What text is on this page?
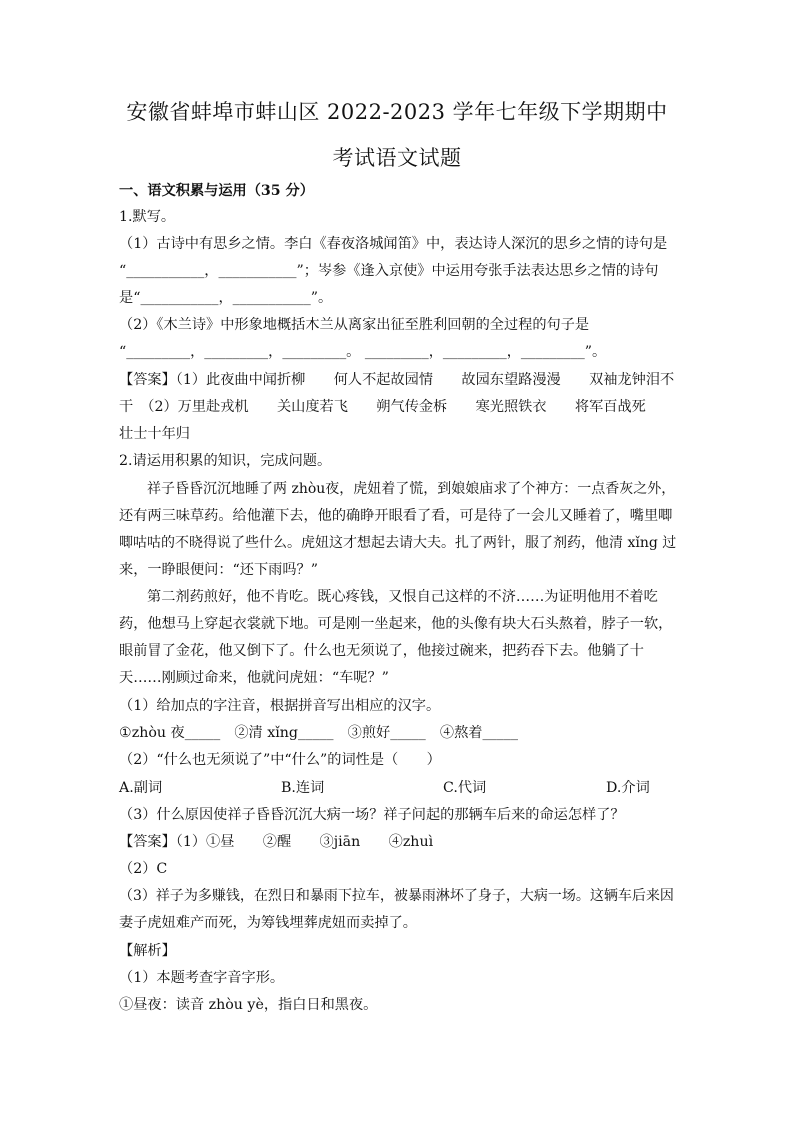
安徽省蚌埠市蚌山区 2022-2023 学年七年级下学期期中
考试语文试题
一、语文积累与运用（35 分）
1.默写。
（1）古诗中有思乡之情。李白《春夜洛城闻笛》中，表达诗人深沉的思乡之情的诗句是
“___________，___________”；岑参《逢入京使》中运用夸张手法表达思乡之情的诗句
是“___________，___________”。
（2）《木兰诗》中形象地概括木兰从离家出征至胜利回朝的全过程的句子是
“_________，_________，_________。 _________，_________，_________”。
【答案】（1）此夜曲中闻折柳　　何人不起故园情　　故园东望路漫漫　　双袖龙钟泪不
干　（2）万里赴戎机　　关山度若飞　　朔气传金柝　　寒光照铁衣　　将军百战死
壮士十年归
2.请运用积累的知识，完成问题。
祥子昏昏沉沉地睡了两 zhòu夜，虎妞着了慌，到娘娘庙求了个神方：一点香灰之外，
还有两三味草药。给他灌下去，他的确睁开眼看了看，可是待了一会儿又睡着了，嘴里唧
唧咕咕的不晓得说了些什么。虎妞这才想起去请大夫。扎了两针，服了剂药，他清 xǐng 过
来，一睁眼便问：“还下雨吗？”
第二剂药煎好，他不肯吃。既心疼钱，又恨自己这样的不济……为证明他用不着吃
药，他想马上穿起衣裳就下地。可是刚一坐起来，他的头像有块大石头熬着，脖子一软，
眼前冒了金花，他又倒下了。什么也无须说了，他接过碗来，把药吞下去。他躺了十
天……刚顾过命来，他就问虎妞：“车呢？”
（1）给加点的字注音，根据拼音写出相应的汉字。
①zhòu 夜_____　②清 xǐng_____　③煎好_____　④熬着_____
（2）“什么也无须说了”中“什么”的词性是（　　）
A.副词	B.连词	C.代词	D.介词
（3）什么原因使祥子昏昏沉沉大病一场？祥子问起的那辆车后来的命运怎样了？
【答案】（1）①昼　　②醒　　③jiān　　④zhuì
（2）C
（3）祥子为多赚钱，在烈日和暴雨下拉车，被暴雨淋坏了身子，大病一场。这辆车后来因
妻子虎妞难产而死，为筹钱埋葬虎妞而卖掉了。
【解析】
（1）本题考查字音字形。
①昼夜：读音 zhòu yè，指白日和黑夜。
